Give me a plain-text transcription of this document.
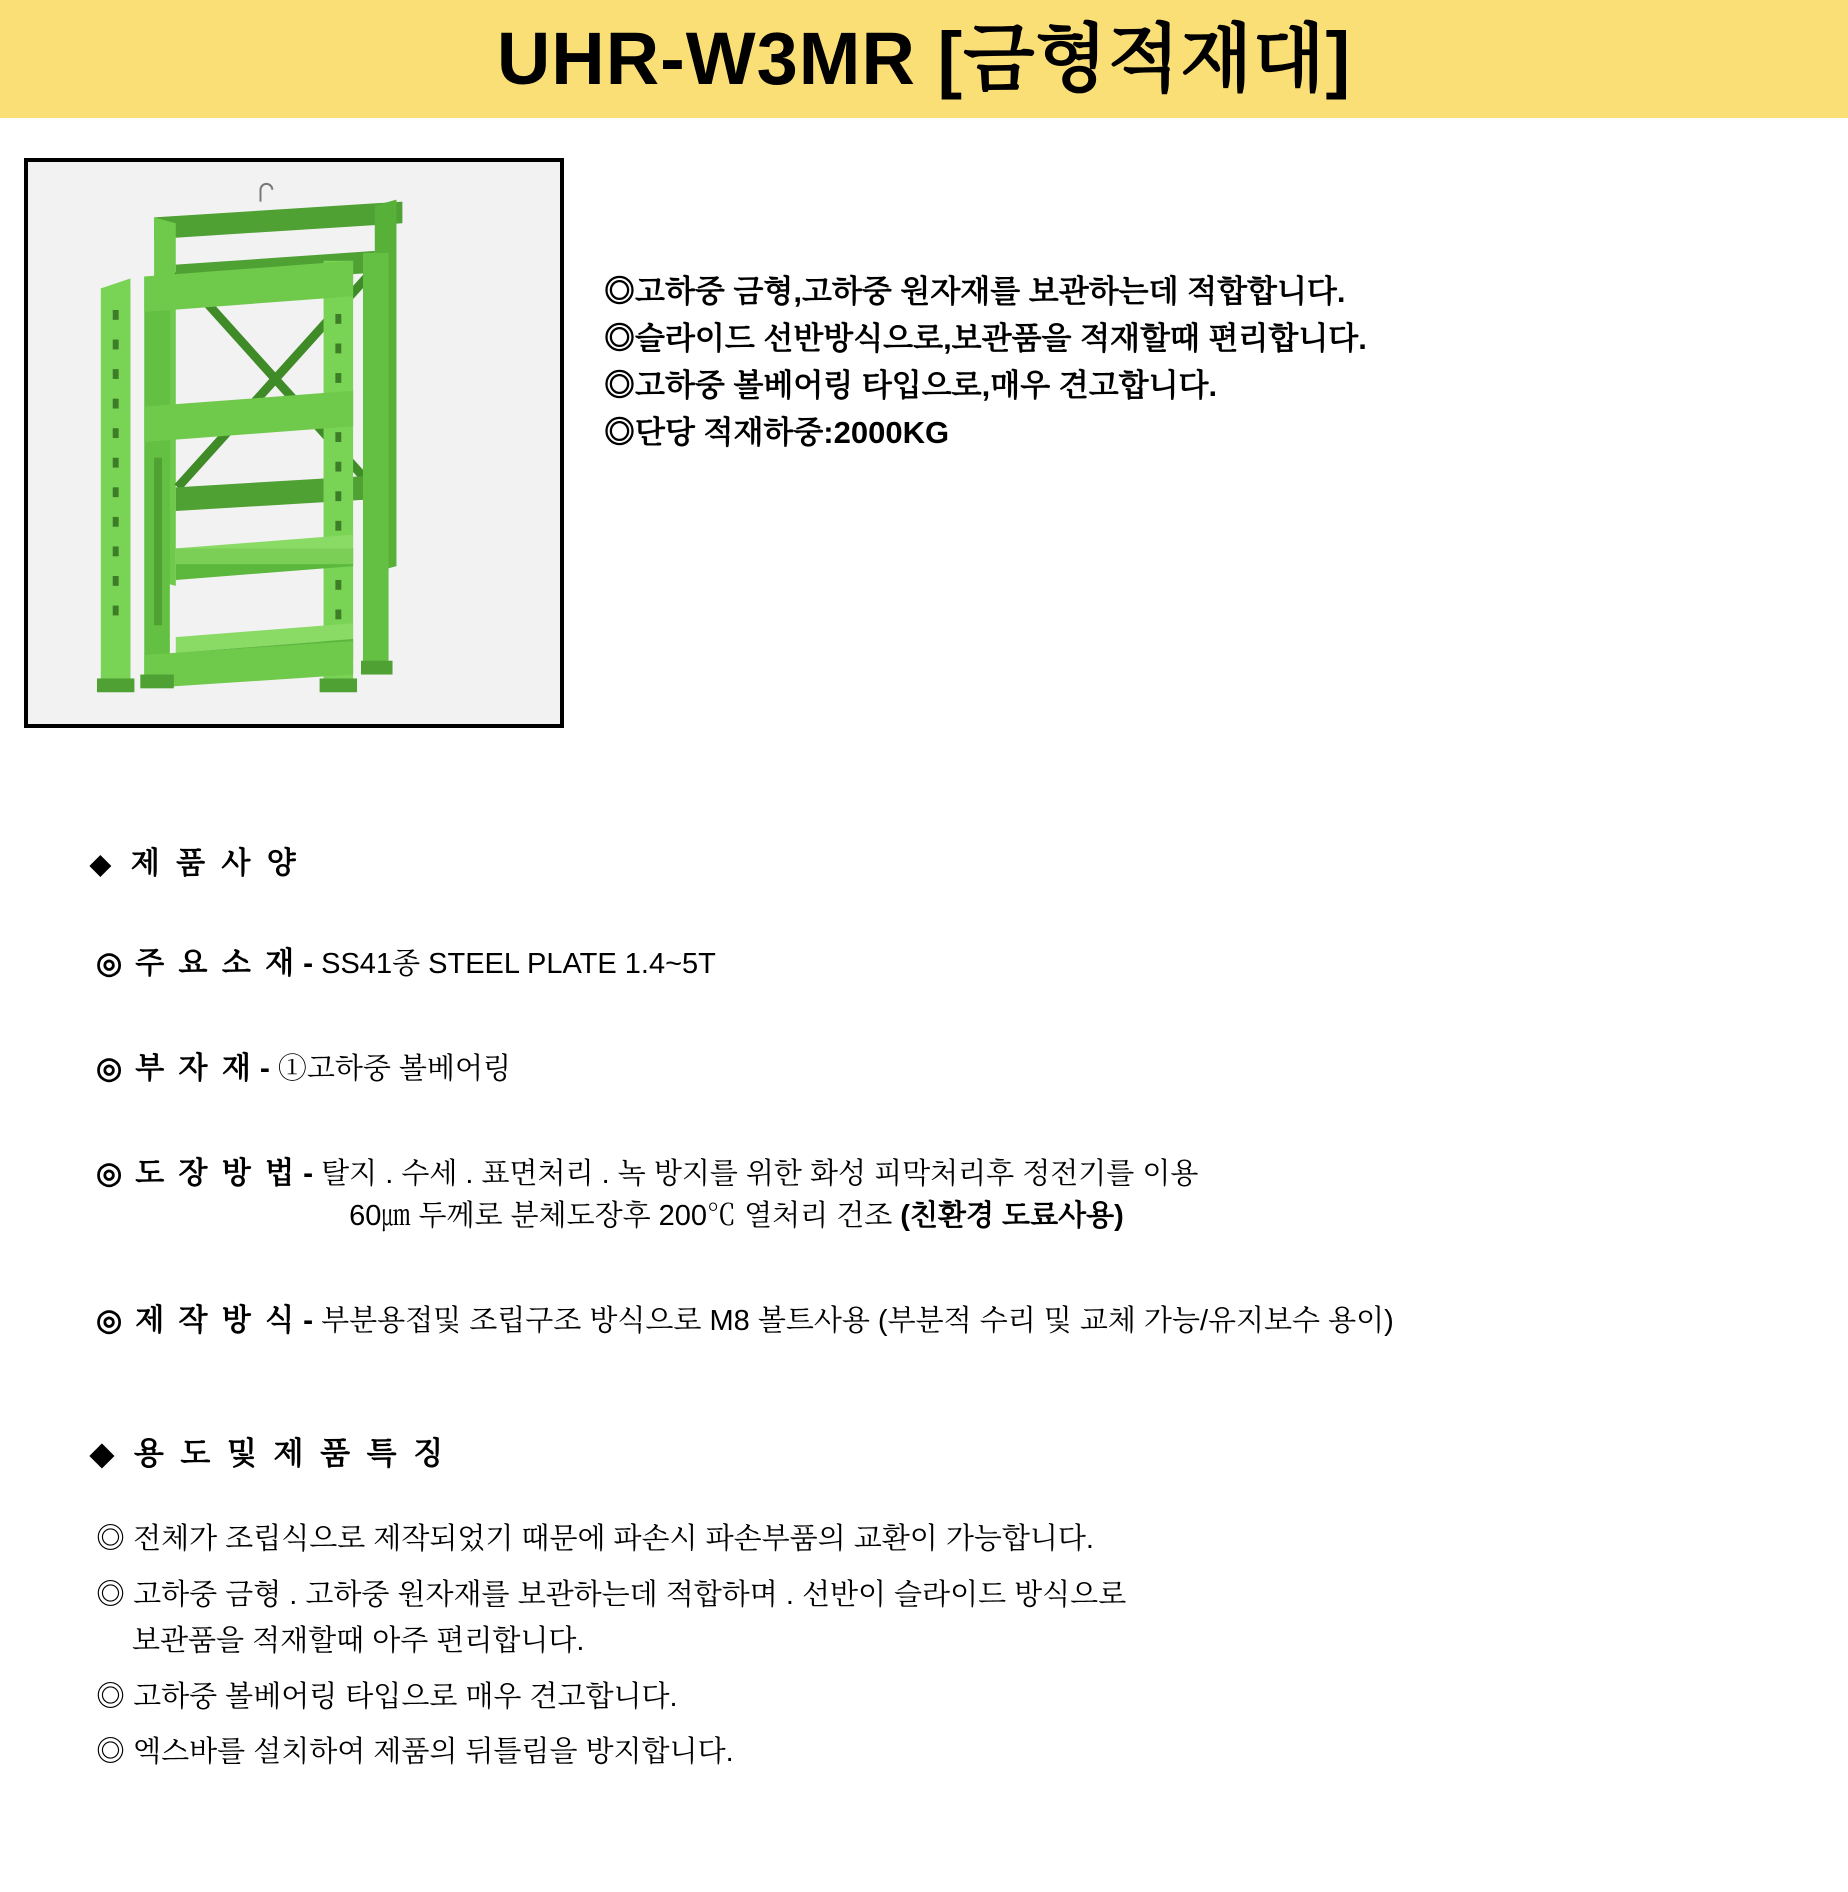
UHR-W3MR [금형적재대]
◎고하중 금형,고하중 원자재를 보관하는데 적합합니다.
◎슬라이드 선반방식으로,보관품을 적재할때 편리합니다.
◎고하중 볼베어링 타입으로,매우 견고합니다.
◎단당 적재하중:2000KG
◆ 제 품 사 양
◎ 주 요 소 재 - SS41종 STEEL PLATE 1.4~5T
◎ 부 자 재 - ①고하중 볼베어링
◎ 도 장 방 법 - 탈지 . 수세 . 표면처리 . 녹 방지를 위한 화성 피막처리후 정전기를 이용
60㎛ 두께로 분체도장후 200℃ 열처리 건조 (친환경 도료사용)
◎ 제 작 방 식 - 부분용접및 조립구조 방식으로 M8 볼트사용 (부분적 수리 및 교체 가능/유지보수 용이)
◆ 용 도 및 제 품 특 징
◎ 전체가 조립식으로 제작되었기 때문에 파손시 파손부품의 교환이 가능합니다.
◎ 고하중 금형 . 고하중 원자재를 보관하는데 적합하며 . 선반이 슬라이드 방식으로
보관품을 적재할때 아주 편리합니다.
◎ 고하중 볼베어링 타입으로 매우 견고합니다.
◎ 엑스바를 설치하여 제품의 뒤틀림을 방지합니다.
